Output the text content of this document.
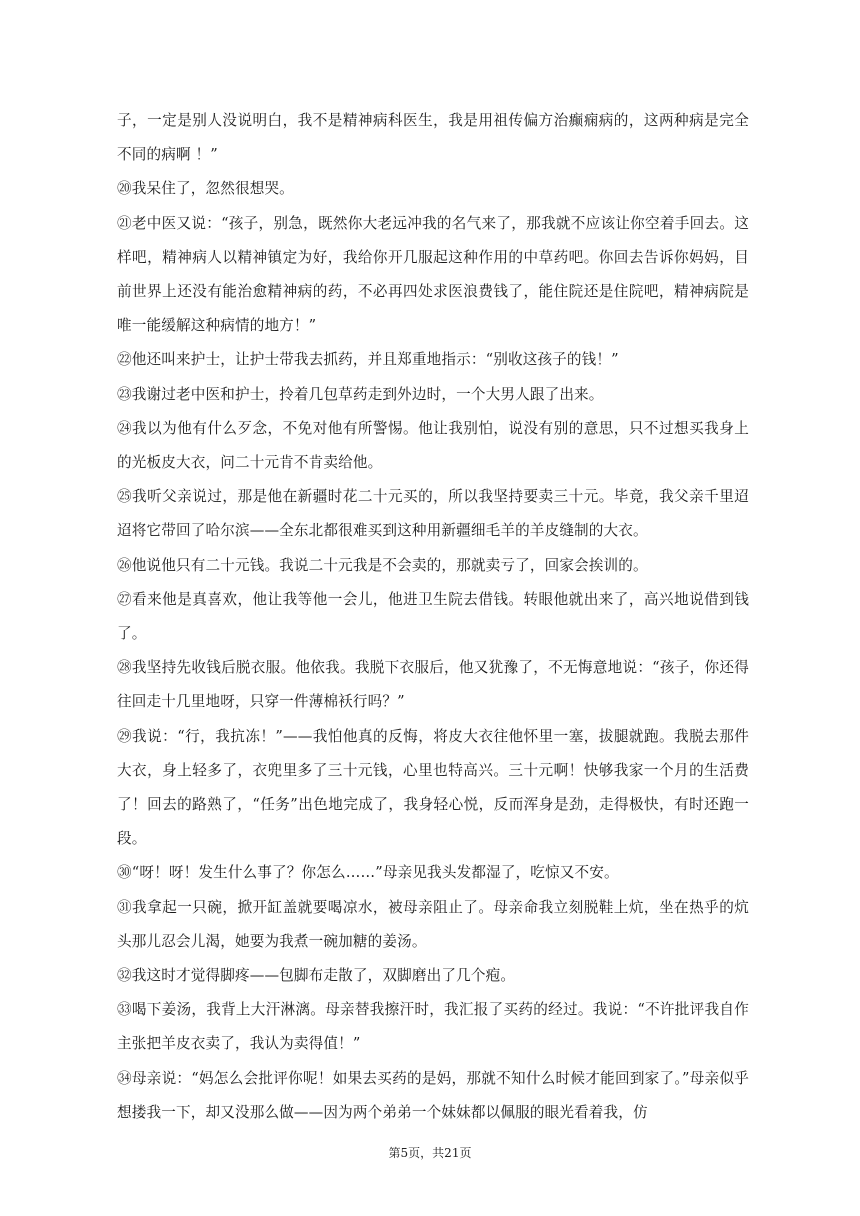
子，一定是别人没说明白，我不是精神病科医生，我是用祖传偏方治癫痫病的，这两种病是完全不同的病啊 ！”

⑳我呆住了，忽然很想哭。

㉑老中医又说：“孩子，别急，既然你大老远冲我的名气来了，那我就不应该让你空着手回去。这样吧，精神病人以精神镇定为好，我给你开几服起这种作用的中草药吧。你回去告诉你妈妈，目前世界上还没有能治愈精神病的药，不必再四处求医浪费钱了，能住院还是住院吧，精神病院是唯一能缓解这种病情的地方！”

㉒他还叫来护士，让护士带我去抓药，并且郑重地指示：“别收这孩子的钱！”

㉓我谢过老中医和护士，拎着几包草药走到外边时，一个大男人跟了出来。

㉔我以为他有什么歹念，不免对他有所警惕。他让我别怕，说没有别的意思，只不过想买我身上的光板皮大衣，问二十元肯不肯卖给他。

㉕我听父亲说过，那是他在新疆时花二十元买的，所以我坚持要卖三十元。毕竟，我父亲千里迢迢将它带回了哈尔滨——全东北都很难买到这种用新疆细毛羊的羊皮缝制的大衣。

㉖他说他只有二十元钱。我说二十元我是不会卖的，那就卖亏了，回家会挨训的。

㉗看来他是真喜欢，他让我等他一会儿，他进卫生院去借钱。转眼他就出来了，高兴地说借到钱了。

㉘我坚持先收钱后脱衣服。他依我。我脱下衣服后，他又犹豫了，不无悔意地说：“孩子，你还得往回走十几里地呀，只穿一件薄棉袄行吗？”

㉙我说：“行，我抗冻！”——我怕他真的反悔，将皮大衣往他怀里一塞，拔腿就跑。我脱去那件大衣，身上轻多了，衣兜里多了三十元钱，心里也特高兴。三十元啊！快够我家一个月的生活费了！回去的路熟了，“任务”出色地完成了，我身轻心悦，反而浑身是劲，走得极快，有时还跑一段。

㉚“呀！呀！发生什么事了？你怎么……”母亲见我头发都湿了，吃惊又不安。

㉛我拿起一只碗，掀开缸盖就要喝凉水，被母亲阻止了。母亲命我立刻脱鞋上炕，坐在热乎的炕头那儿忍会儿渴，她要为我煮一碗加糖的姜汤。

㉜我这时才觉得脚疼——包脚布走散了，双脚磨出了几个疱。

㉝喝下姜汤，我背上大汗淋漓。母亲替我擦汗时，我汇报了买药的经过。我说：“不许批评我自作主张把羊皮衣卖了，我认为卖得值！”

㉞母亲说：“妈怎么会批评你呢！如果去买药的是妈，那就不知什么时候才能回到家了。”母亲似乎想搂我一下，却又没那么做——因为两个弟弟一个妹妹都以佩服的眼光看着我，仿

第5页，共21页
